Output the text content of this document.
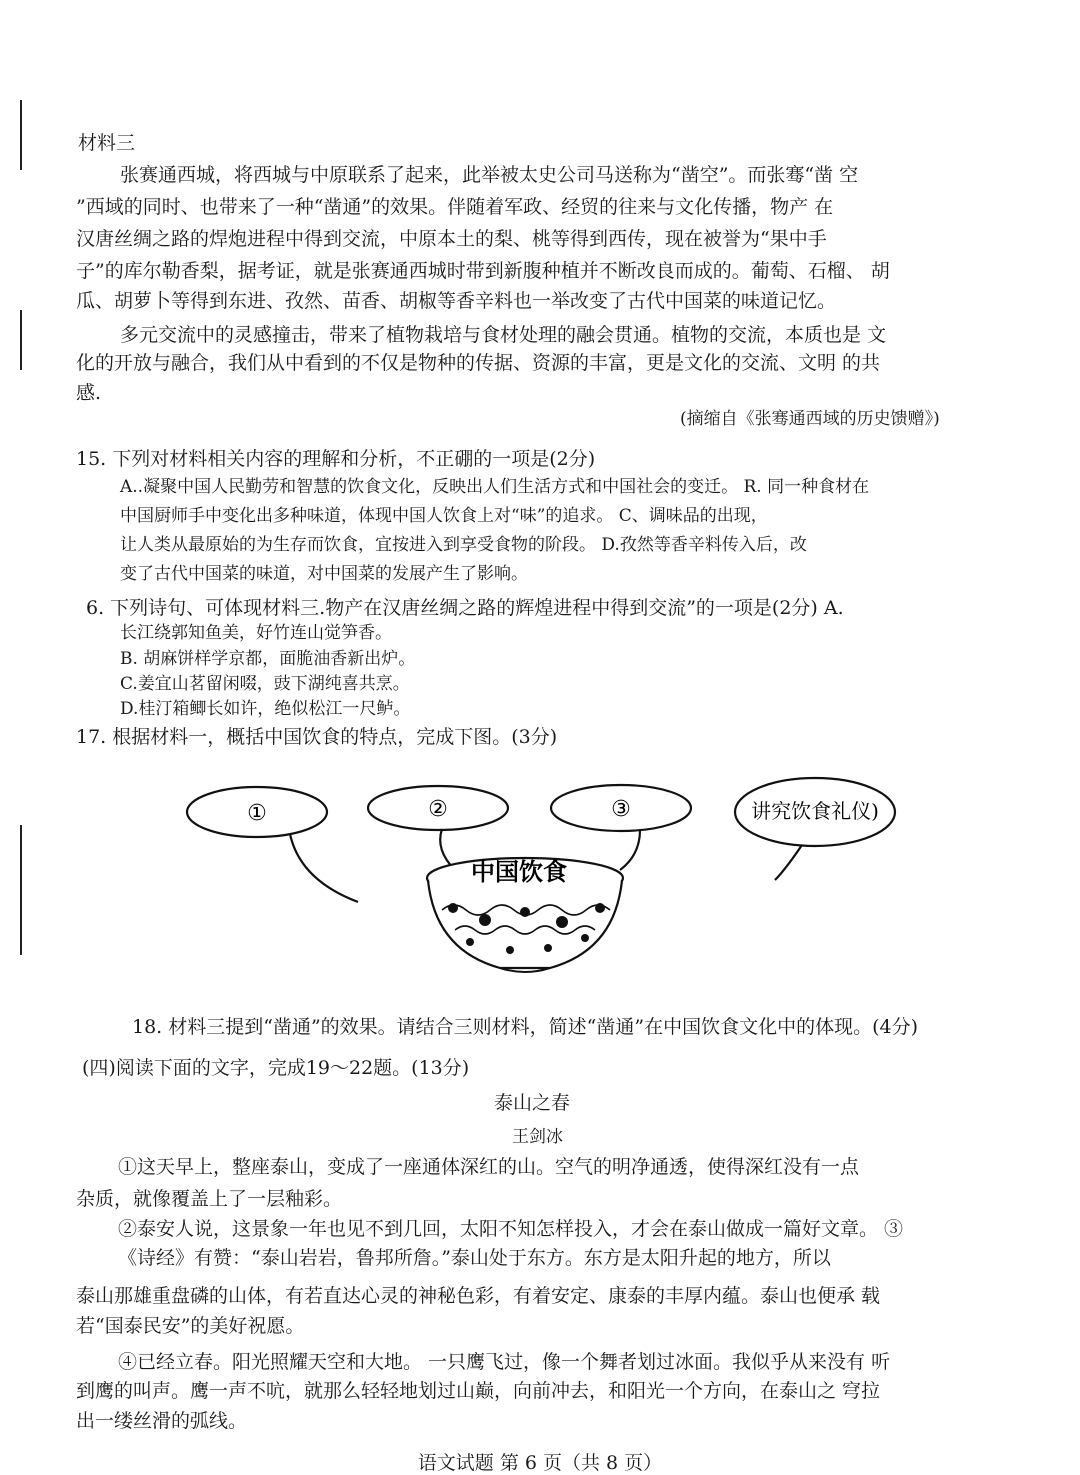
材料三
张赛通西城，将西城与中原联系了起来，此举被太史公司马送称为“凿空”。而张骞“凿 空
”西域的同时、也带来了一种“凿通”的效果。伴随着军政、经贸的往来与文化传播，物产 在
汉唐丝绸之路的焊炮进程中得到交流，中原本土的梨、桃等得到西传，现在被誉为“果中手
子”的库尔勒香梨，据考证，就是张赛通西城时带到新腹种植并不断改良而成的。葡萄、石榴、 胡
瓜、胡萝卜等得到东进、孜然、苗香、胡椒等香辛料也一举改变了古代中国菜的味道记忆。
多元交流中的灵感撞击，带来了植物栽培与食材处理的融会贯通。植物的交流，本质也是 文
化的开放与融合，我们从中看到的不仅是物种的传据、资源的丰富，更是文化的交流、文明 的共
感.
(摘缩自《张骞通西域的历史馈赠》)
15. 下列对材料相关内容的理解和分析，不正硼的一项是(2分)
A..凝聚中国人民勤劳和智慧的饮食文化，反映出人们生活方式和中国社会的变迁。 R. 同一种食材在
中国厨师手中变化出多种味道，体现中国人饮食上对“味”的追求。 C、调味品的出现，
让人类从最原始的为生存而饮食，宜按进入到享受食物的阶段。 D.孜然等香辛料传入后，改
变了古代中国菜的味道，对中国菜的发展产生了影响。
6. 下列诗句、可体现材料三.物产在汉唐丝绸之路的辉煌进程中得到交流”的一项是(2分) A.
长江绕郭知鱼美，好竹连山觉笋香。
B. 胡麻饼样学京都，面脆油香新出炉。
C.姜宜山茗留闲啜，豉下湖纯喜共烹。
D.桂汀箱鲫长如许，绝似松江一尺鲈。
17. 根据材料一，概括中国饮食的特点，完成下图。(3分)
①	②	③	讲究饮食礼仪)
中国饮食
18. 材料三提到“凿通”的效果。请结合三则材料，简述“凿通”在中国饮食文化中的体现。(4分)
(四)阅读下面的文字，完成19～22题。(13分)
泰山之春
王剑冰
①这天早上，整座泰山，变成了一座通体深红的山。空气的明净通透，使得深红没有一点
杂质，就像覆盖上了一层釉彩。
②泰安人说，这景象一年也见不到几回，太阳不知怎样投入，才会在泰山做成一篇好文章。 ③
《诗经》有赞：“泰山岩岩，鲁邦所詹。”泰山处于东方。东方是太阳升起的地方，所以
泰山那雄重盘磷的山体，有若直达心灵的神秘色彩，有着安定、康泰的丰厚内蕴。泰山也便承 载
若“国泰民安”的美好祝愿。
④已经立春。阳光照耀天空和大地。 一只鹰飞过，像一个舞者划过冰面。我似乎从来没有 听
到鹰的叫声。鹰一声不吭，就那么轻轻地划过山巅，向前冲去，和阳光一个方向，在泰山之 穹拉
出一缕丝滑的弧线。
语文试题 第 6 页（共 8 页）
